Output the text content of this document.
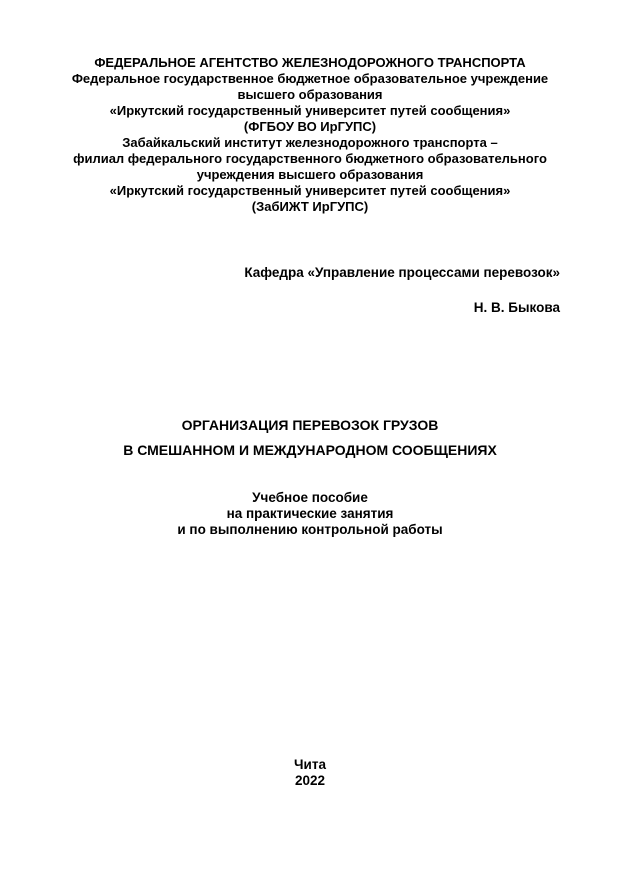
ФЕДЕРАЛЬНОЕ АГЕНТСТВО ЖЕЛЕЗНОДОРОЖНОГО ТРАНСПОРТА
Федеральное государственное бюджетное образовательное учреждение
высшего образования
«Иркутский государственный университет путей сообщения»
(ФГБОУ ВО ИрГУПС)
Забайкальский институт железнодорожного транспорта –
филиал федерального государственного бюджетного образовательного
учреждения высшего образования
«Иркутский государственный университет путей сообщения»
(ЗабИЖТ ИрГУПС)
Кафедра «Управление процессами перевозок»
Н. В. Быкова
ОРГАНИЗАЦИЯ ПЕРЕВОЗОК ГРУЗОВ
В СМЕШАННОМ И МЕЖДУНАРОДНОМ СООБЩЕНИЯХ
Учебное пособие
на практические занятия
и по выполнению контрольной работы
Чита
2022
